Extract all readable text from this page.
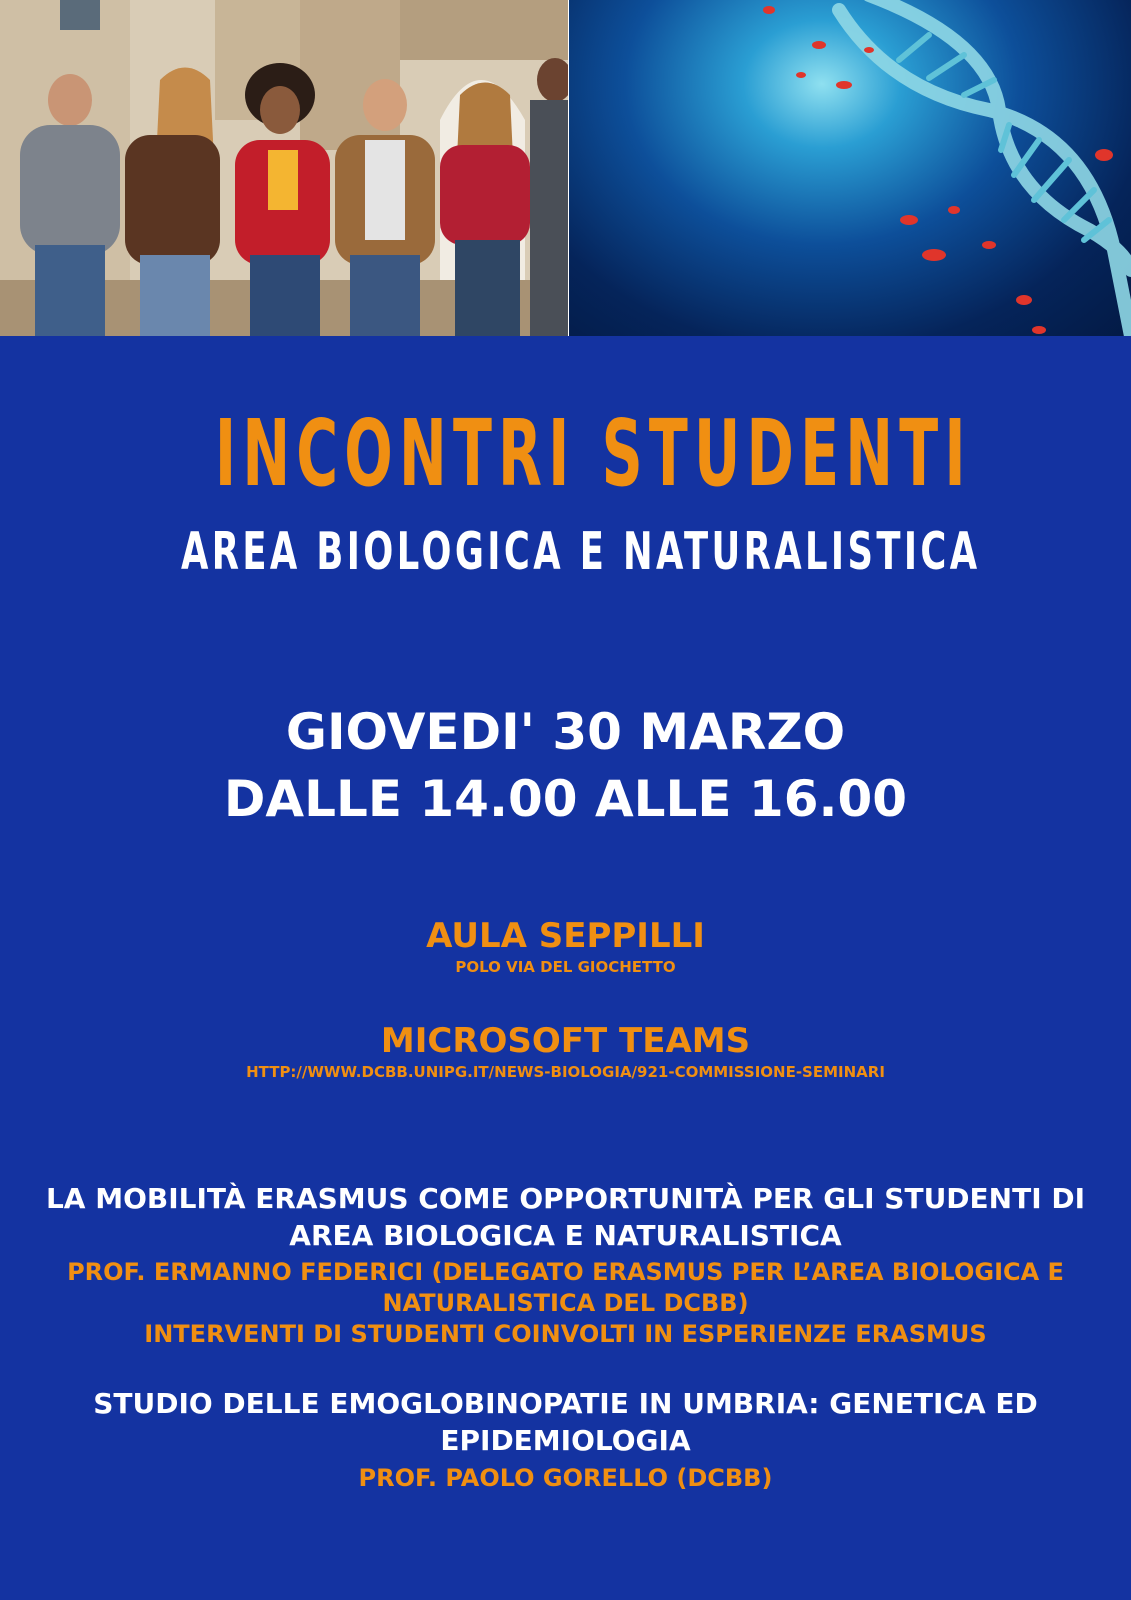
INCONTRI STUDENTI

AREA BIOLOGICA E NATURALISTICA

GIOVEDI' 30 MARZO

DALLE 14.00 ALLE 16.00

AULA SEPPILLI

POLO VIA DEL GIOCHETTO

MICROSOFT TEAMS

HTTP://WWW.DCBB.UNIPG.IT/NEWS-BIOLOGIA/921-COMMISSIONE-SEMINARI

LA MOBILITÀ ERASMUS COME OPPORTUNITÀ PER GLI STUDENTI DI

AREA BIOLOGICA E NATURALISTICA

PROF. ERMANNO FEDERICI (DELEGATO ERASMUS PER L’AREA BIOLOGICA E

NATURALISTICA DEL DCBB)

INTERVENTI DI STUDENTI COINVOLTI IN ESPERIENZE ERASMUS

STUDIO DELLE EMOGLOBINOPATIE IN UMBRIA: GENETICA ED

EPIDEMIOLOGIA

PROF. PAOLO GORELLO (DCBB)
